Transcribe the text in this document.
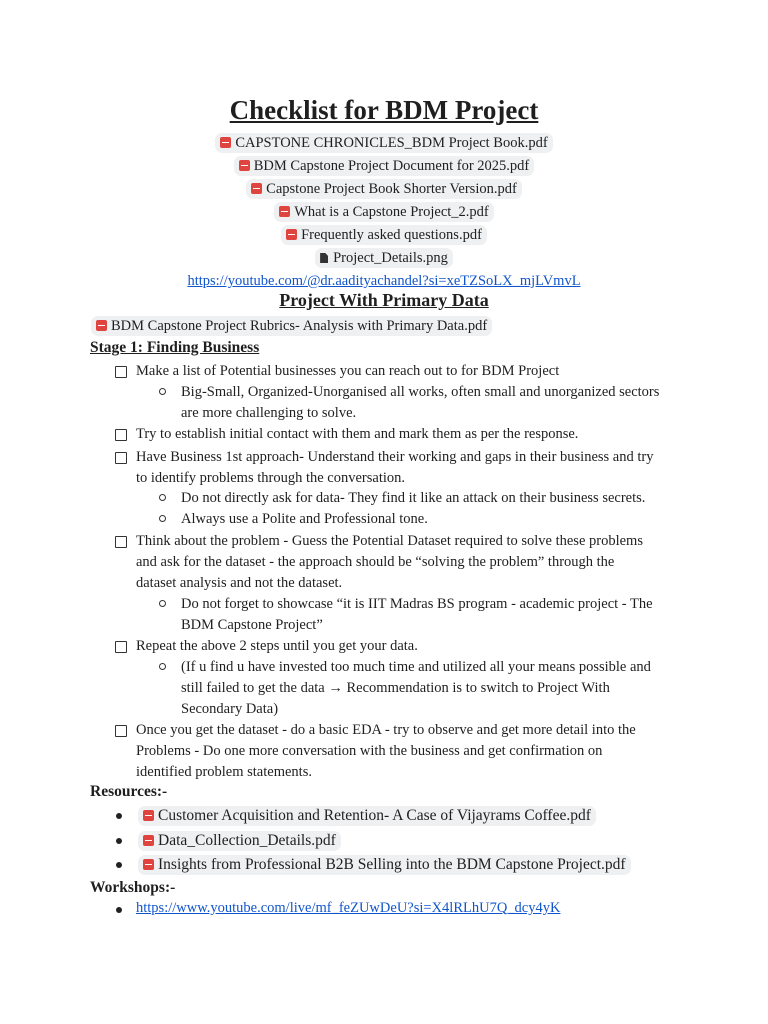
Checklist for BDM Project
CAPSTONE CHRONICLES_BDM Project Book.pdf
BDM Capstone Project Document for 2025.pdf
Capstone Project Book Shorter Version.pdf
What is a Capstone Project_2.pdf
Frequently asked questions.pdf
Project_Details.png
https://youtube.com/@dr.aadityachandel?si=xeTZSoLX_mjLVmvL
Project With Primary Data
BDM Capstone Project Rubrics- Analysis with Primary Data.pdf
Stage 1: Finding Business
Make a list of Potential businesses you can reach out to for BDM Project
Big-Small, Organized-Unorganised all works, often small and unorganized sectors
are more challenging to solve.
Try to establish initial contact with them and mark them as per the response.
Have Business 1st approach- Understand their working and gaps in their business and try
to identify problems through the conversation.
Do not directly ask for data- They find it like an attack on their business secrets.
Always use a Polite and Professional tone.
Think about the problem - Guess the Potential Dataset required to solve these problems
and ask for the dataset - the approach should be “solving the problem” through the
dataset analysis and not the dataset.
Do not forget to showcase “it is IIT Madras BS program - academic project - The
BDM Capstone Project”
Repeat the above 2 steps until you get your data.
(If u find u have invested too much time and utilized all your means possible and
still failed to get the data → Recommendation is to switch to Project With
Secondary Data)
Once you get the dataset - do a basic EDA - try to observe and get more detail into the
Problems - Do one more conversation with the business and get confirmation on
identified problem statements.
Resources:-
Customer Acquisition and Retention- A Case of Vijayrams Coffee.pdf
Data_Collection_Details.pdf
Insights from Professional B2B Selling into the BDM Capstone Project.pdf
Workshops:-
https://www.youtube.com/live/mf_feZUwDeU?si=X4lRLhU7Q_dcy4yK
